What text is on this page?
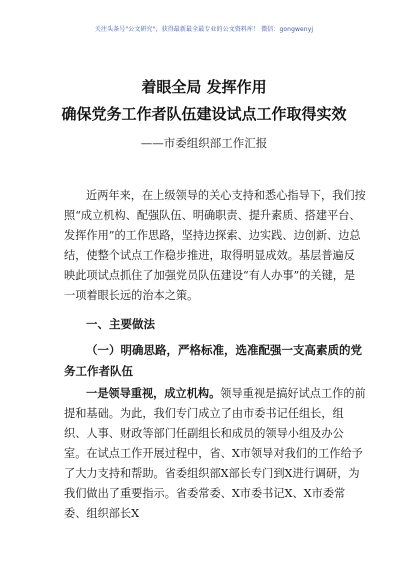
关注头条号"公文研究"，获得最新最全最专业的公文资料库！ 微信：gongwenyj
着眼全局 发挥作用
确保党务工作者队伍建设试点工作取得实效
——市委组织部工作汇报

近两年来，在上级领导的关心支持和悉心指导下，我们按照“成立机构、配强队伍、明确职责、提升素质、搭建平台、发挥作用”的工作思路，坚持边探索、边实践、边创新、边总结，使整个试点工作稳步推进，取得明显成效。基层普遍反映此项试点抓住了加强党员队伍建设“有人办事”的关键，是一项着眼长远的治本之策。

一、主要做法
（一）明确思路，严格标准，选准配强一支高素质的党务工作者队伍

一是领导重视，成立机构。领导重视是搞好试点工作的前提和基础。为此，我们专门成立了由市委书记任组长，组织、人事、财政等部门任副组长和成员的领导小组及办公室。在试点工作开展过程中，省、X市领导对我们的工作给予了大力支持和帮助。省委组织部X部长专门到X进行调研，为我们做出了重要指示。省委常委、X市委书记X、X市委常委、组织部长X
